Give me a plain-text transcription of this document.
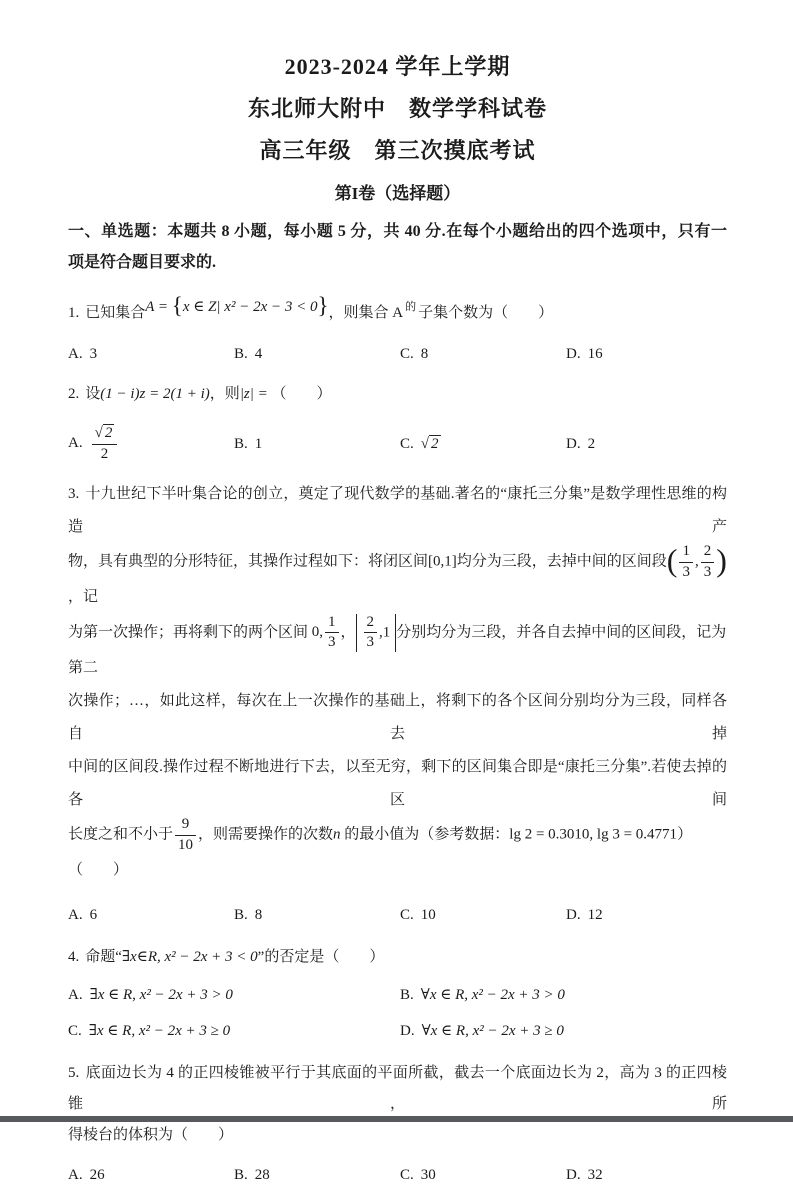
2023-2024 学年上学期
东北师大附中　数学学科试卷
高三年级　第三次摸底考试
第I卷（选择题）
一、单选题：本题共 8 小题，每小题 5 分，共 40 分.在每个小题给出的四个选项中，只有一
项是符合题目要求的.
1. 已知集合A = {x ∈ Z| x² − 2x − 3 < 0}，则集合 A $^的$ 子集个数为（　　）
A. 3	B. 4	C. 8	D. 16
2. 设(1 − i)z = 2(1 + i)，则|z| = （　　）
A. $\frac{√ 2}{2}$	B. 1	C. √ 2	D. 2
3. 十九世纪下半叶集合论的创立，奠定了现代数学的基础.著名的“康托三分集”是数学理性思维的构造产
物，具有典型的分形特征，其操作过程如下：将闭区间[0,1]均分为三段，去掉中间的区间段( $\frac{1}{3}$ , $\frac{2}{3}$ )，记
为第一次操作；再将剩下的两个区间 0, $\frac{1}{3}$ ， $\frac{2}{3} ,1$ 分别均分为三段，并各自去掉中间的区间段，记为第二
次操作；…，如此这样，每次在上一次操作的基础上，将剩下的各个区间分别均分为三段，同样各自去掉
中间的区间段.操作过程不断地进行下去，以至无穷，剩下的区间集合即是“康托三分集”.若使去掉的各区间
长度之和不小于 $\frac{9}{10}$ ，则需要操作的次数n 的最小值为（参考数据：lg 2 = 0.3010, lg 3 = 0.4771）（　　）
A. 6	B. 8	C. 10	D. 12
4. 命题“∃x∈R, x² − 2x + 3 < 0”的否定是（　　）
A. ∃x ∈ R, x² − 2x + 3 > 0	B. ∀x ∈ R, x² − 2x + 3 > 0
C. ∃x ∈ R, x² − 2x + 3 ≥ 0	D. ∀x ∈ R, x² − 2x + 3 ≥ 0
5. 底面边长为 4 的正四棱锥被平行于其底面的平面所截，截去一个底面边长为 2，高为 3 的正四棱锥，所
得棱台的体积为（　　）
A. 26	B. 28	C. 30	D. 32
